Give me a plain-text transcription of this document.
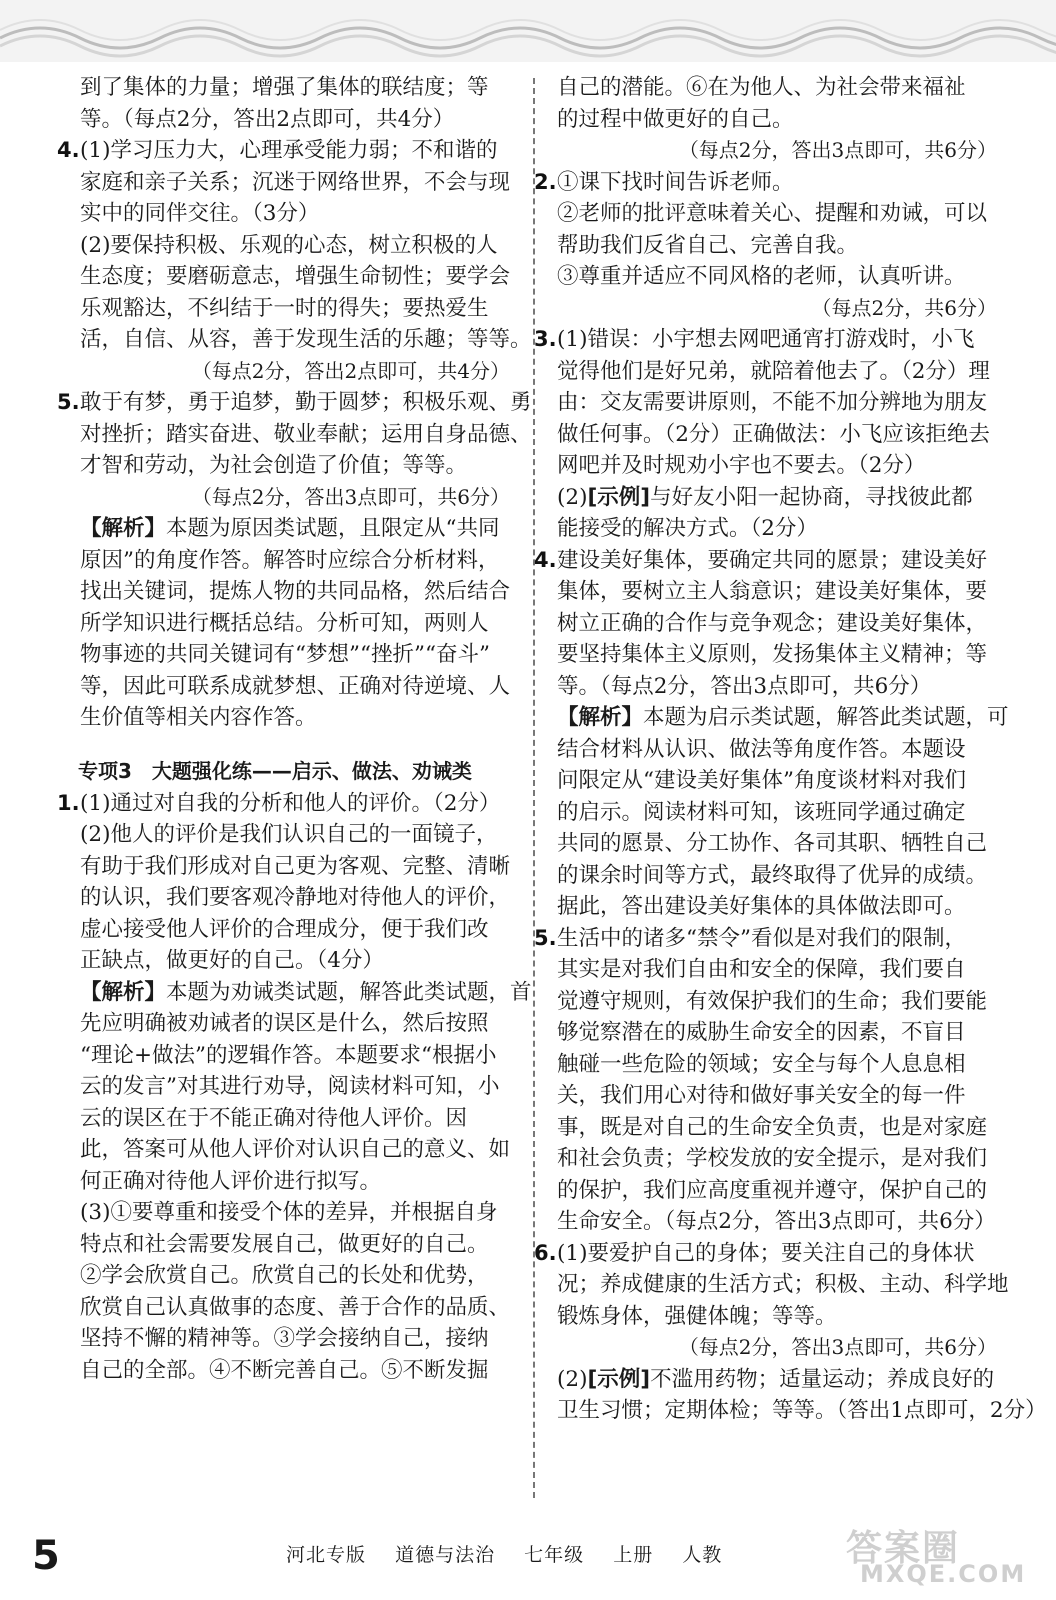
到了集体的力量；增强了集体的联结度；等

等。（每点2分，答出2点即可，共4分）

4. (1)学习压力大，心理承受能力弱；不和谐的

家庭和亲子关系；沉迷于网络世界，不会与现

实中的同伴交往。（3分）

(2)要保持积极、乐观的心态，树立积极的人

生态度；要磨砺意志，增强生命韧性；要学会

乐观豁达，不纠结于一时的得失；要热爱生

活，自信、从容，善于发现生活的乐趣；等等。

（每点2分，答出2点即可，共4分）

5. 敢于有梦，勇于追梦，勤于圆梦；积极乐观、勇

对挫折；踏实奋进、敬业奉献；运用自身品德、

才智和劳动，为社会创造了价值；等等。

（每点2分，答出3点即可，共6分）

【解析】本题为原因类试题，且限定从“共同

原因”的角度作答。解答时应综合分析材料，

找出关键词，提炼人物的共同品格，然后结合

所学知识进行概括总结。分析可知，两则人

物事迹的共同关键词有“梦想”“挫折”“奋斗”

等，因此可联系成就梦想、正确对待逆境、人

生价值等相关内容作答。

专项3　大题强化练——启示、做法、劝诫类

1. (1)通过对自我的分析和他人的评价。（2分）

(2)他人的评价是我们认识自己的一面镜子，

有助于我们形成对自己更为客观、完整、清晰

的认识，我们要客观冷静地对待他人的评价，

虚心接受他人评价的合理成分，便于我们改

正缺点，做更好的自己。（4分）

【解析】本题为劝诫类试题，解答此类试题，首

先应明确被劝诫者的误区是什么，然后按照

“理论+做法”的逻辑作答。本题要求“根据小

云的发言”对其进行劝导，阅读材料可知，小

云的误区在于不能正确对待他人评价。因

此，答案可从他人评价对认识自己的意义、如

何正确对待他人评价进行拟写。

(3)①要尊重和接受个体的差异，并根据自身

特点和社会需要发展自己，做更好的自己。

②学会欣赏自己。欣赏自己的长处和优势，

欣赏自己认真做事的态度、善于合作的品质、

坚持不懈的精神等。③学会接纳自己，接纳

自己的全部。④不断完善自己。⑤不断发掘

自己的潜能。⑥在为他人、为社会带来福祉

的过程中做更好的自己。

（每点2分，答出3点即可，共6分）

2. ①课下找时间告诉老师。

②老师的批评意味着关心、提醒和劝诫，可以

帮助我们反省自己、完善自我。

③尊重并适应不同风格的老师，认真听讲。

（每点2分，共6分）

3. (1)错误：小宇想去网吧通宵打游戏时，小飞

觉得他们是好兄弟，就陪着他去了。（2分）理

由：交友需要讲原则，不能不加分辨地为朋友

做任何事。（2分）正确做法：小飞应该拒绝去

网吧并及时规劝小宇也不要去。（2分）

(2)[示例]与好友小阳一起协商，寻找彼此都

能接受的解决方式。（2分）

4. 建设美好集体，要确定共同的愿景；建设美好

集体，要树立主人翁意识；建设美好集体，要

树立正确的合作与竞争观念；建设美好集体，

要坚持集体主义原则，发扬集体主义精神；等

等。（每点2分，答出3点即可，共6分）

【解析】本题为启示类试题，解答此类试题，可

结合材料从认识、做法等角度作答。本题设

问限定从“建设美好集体”角度谈材料对我们

的启示。阅读材料可知，该班同学通过确定

共同的愿景、分工协作、各司其职、牺牲自己

的课余时间等方式，最终取得了优异的成绩。

据此，答出建设美好集体的具体做法即可。

5. 生活中的诸多“禁令”看似是对我们的限制，

其实是对我们自由和安全的保障，我们要自

觉遵守规则，有效保护我们的生命；我们要能

够觉察潜在的威胁生命安全的因素，不盲目

触碰一些危险的领域；安全与每个人息息相

关，我们用心对待和做好事关安全的每一件

事，既是对自己的生命安全负责，也是对家庭

和社会负责；学校发放的安全提示，是对我们

的保护，我们应高度重视并遵守，保护自己的

生命安全。（每点2分，答出3点即可，共6分）

6. (1)要爱护自己的身体；要关注自己的身体状

况；养成健康的生活方式；积极、主动、科学地

锻炼身体，强健体魄；等等。

（每点2分，答出3点即可，共6分）

(2)[示例]不滥用药物；适量运动；养成良好的

卫生习惯；定期体检；等等。（答出1点即可，2分）

5	河北专版 道德与法治 七年级 上册 人教	答案圈
MXQE.COM
